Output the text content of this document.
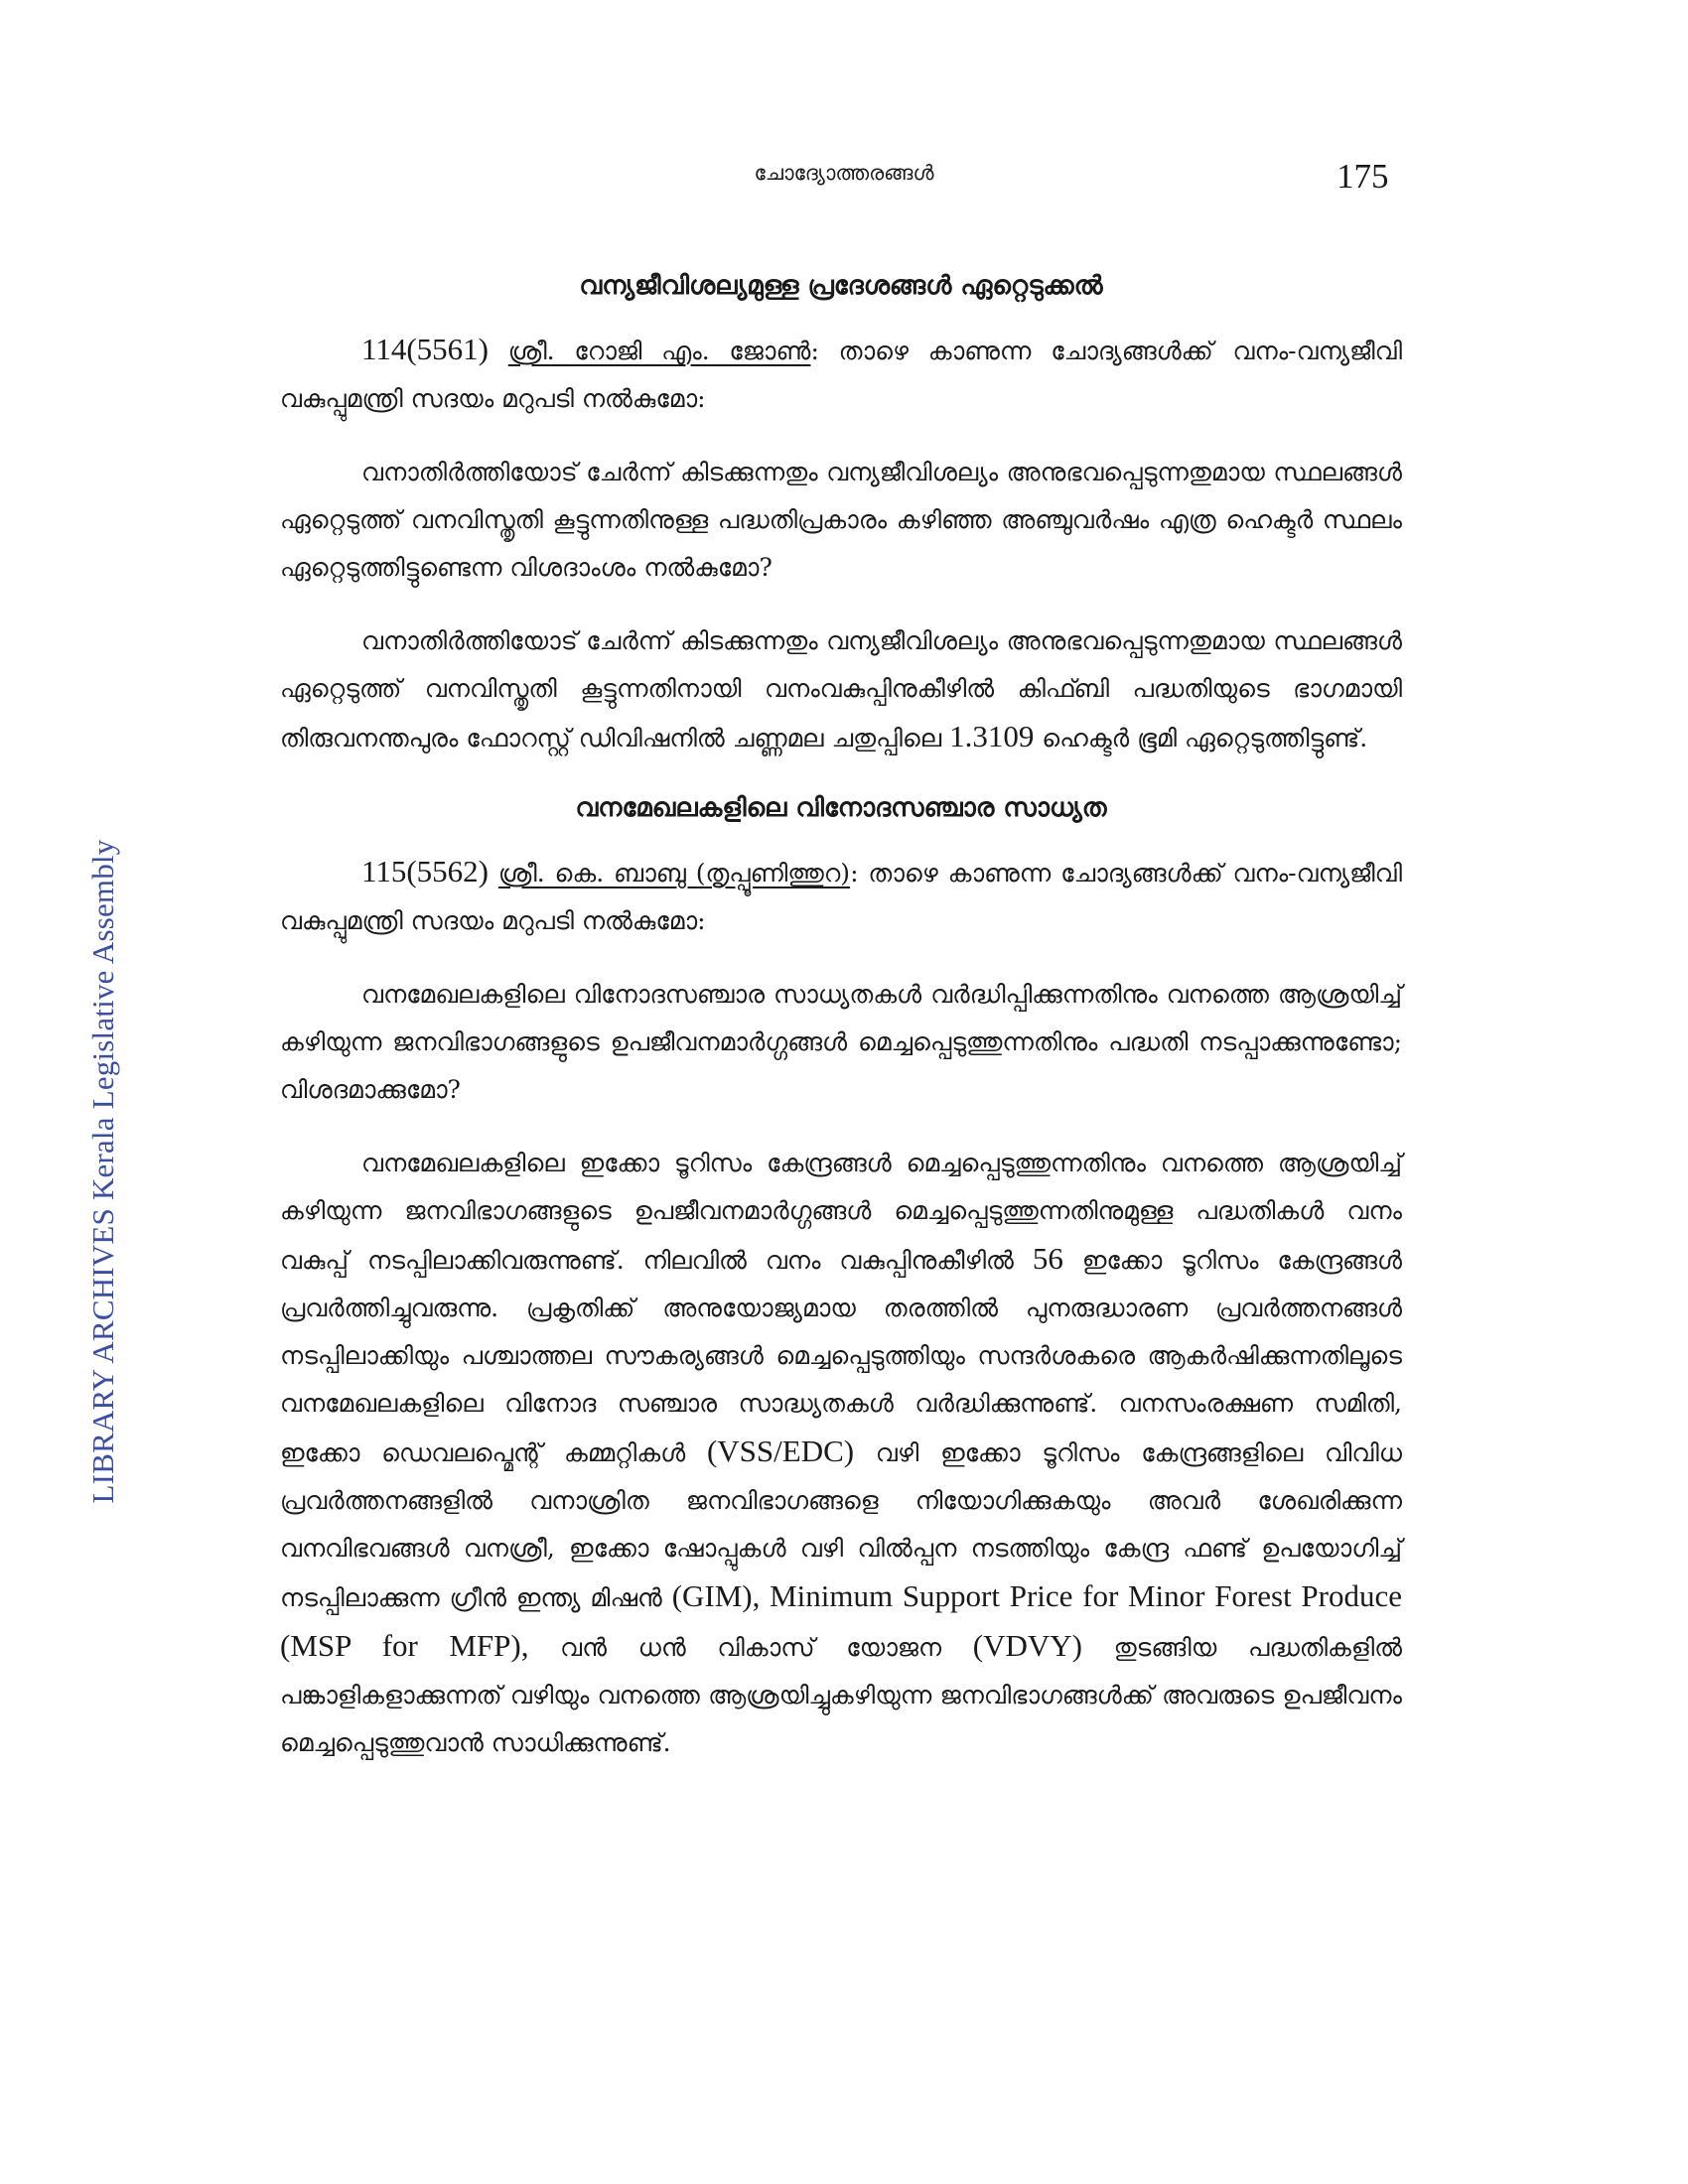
LIBRARY ARCHIVES Kerala Legislative Assembly
ചോദ്യോത്തരങ്ങൾ	175
വന്യജീവിശല്യമുള്ള പ്രദേശങ്ങൾ ഏറ്റെടുക്കൽ

114(5561) ശ്രീ. റോജി എം. ജോൺ: താഴെ കാണുന്ന ചോദ്യങ്ങൾക്ക് വനം-വന്യജീവി വകുപ്പുമന്ത്രി സദയം മറുപടി നൽകുമോ:

വനാതിർത്തിയോട് ചേർന്ന് കിടക്കുന്നതും വന്യജീവിശല്യം അനുഭവപ്പെടുന്നതുമായ സ്ഥലങ്ങൾ ഏറ്റെടുത്ത് വനവിസ്തൃതി കൂട്ടുന്നതിനുള്ള പദ്ധതിപ്രകാരം കഴിഞ്ഞ അഞ്ചുവർഷം എത്ര ഹെക്ടർ സ്ഥലം ഏറ്റെടുത്തിട്ടുണ്ടെന്ന വിശദാംശം നൽകുമോ?

വനാതിർത്തിയോട് ചേർന്ന് കിടക്കുന്നതും വന്യജീവിശല്യം അനുഭവപ്പെടുന്നതുമായ സ്ഥലങ്ങൾ ഏറ്റെടുത്ത് വനവിസ്തൃതി കൂട്ടുന്നതിനായി വനംവകുപ്പിനുകീഴിൽ കിഫ്ബി പദ്ധതിയുടെ ഭാഗമായി തിരുവനന്തപുരം ഫോറസ്റ്റ് ഡിവിഷനിൽ ചണ്ണമല ചതുപ്പിലെ 1.3109 ഹെക്ടർ ഭൂമി ഏറ്റെടുത്തിട്ടുണ്ട്.

വനമേഖലകളിലെ വിനോദസഞ്ചാര സാധ്യത

115(5562) ശ്രീ. കെ. ബാബു (തൃപ്പൂണിത്തുറ): താഴെ കാണുന്ന ചോദ്യങ്ങൾക്ക് വനം-വന്യജീവി വകുപ്പുമന്ത്രി സദയം മറുപടി നൽകുമോ:

വനമേഖലകളിലെ വിനോദസഞ്ചാര സാധ്യതകൾ വർദ്ധിപ്പിക്കുന്നതിനും വനത്തെ ആശ്രയിച്ച് കഴിയുന്ന ജനവിഭാഗങ്ങളുടെ ഉപജീവനമാർഗ്ഗങ്ങൾ മെച്ചപ്പെടുത്തുന്നതിനും പദ്ധതി നടപ്പാക്കുന്നുണ്ടോ; വിശദമാക്കുമോ?

വനമേഖലകളിലെ ഇക്കോ ടൂറിസം കേന്ദ്രങ്ങൾ മെച്ചപ്പെടുത്തുന്നതിനും വനത്തെ ആശ്രയിച്ച് കഴിയുന്ന ജനവിഭാഗങ്ങളുടെ ഉപജീവനമാർഗ്ഗങ്ങൾ മെച്ചപ്പെടുത്തുന്നതിനുമുള്ള പദ്ധതികൾ വനം വകുപ്പ് നടപ്പിലാക്കിവരുന്നുണ്ട്. നിലവിൽ വനം വകുപ്പിനുകീഴിൽ 56 ഇക്കോ ടൂറിസം കേന്ദ്രങ്ങൾ പ്രവർത്തിച്ചുവരുന്നു. പ്രകൃതിക്ക് അനുയോജ്യമായ തരത്തിൽ പുനരുദ്ധാരണ പ്രവർത്തനങ്ങൾ നടപ്പിലാക്കിയും പശ്ചാത്തല സൗകര്യങ്ങൾ മെച്ചപ്പെടുത്തിയും സന്ദർശകരെ ആകർഷിക്കുന്നതിലൂടെ വനമേഖലകളിലെ വിനോദ സഞ്ചാര സാദ്ധ്യതകൾ വർദ്ധിക്കുന്നുണ്ട്. വനസംരക്ഷണ സമിതി, ഇക്കോ ഡെവലപ്മെന്റ് കമ്മറ്റികൾ (VSS/EDC) വഴി ഇക്കോ ടൂറിസം കേന്ദ്രങ്ങളിലെ വിവിധ പ്രവർത്തനങ്ങളിൽ വനാശ്രിത ജനവിഭാഗങ്ങളെ നിയോഗിക്കുകയും അവർ ശേഖരിക്കുന്ന വനവിഭവങ്ങൾ വനശ്രീ, ഇക്കോ ഷോപ്പുകൾ വഴി വിൽപ്പന നടത്തിയും കേന്ദ്ര ഫണ്ട് ഉപയോഗിച്ച് നടപ്പിലാക്കുന്ന ഗ്രീൻ ഇന്ത്യ മിഷൻ (GIM), Minimum Support Price for Minor Forest Produce (MSP for MFP), വൻ ധൻ വികാസ് യോജന (VDVY) തുടങ്ങിയ പദ്ധതികളിൽ പങ്കാളികളാക്കുന്നത് വഴിയും വനത്തെ ആശ്രയിച്ചുകഴിയുന്ന ജനവിഭാഗങ്ങൾക്ക് അവരുടെ ഉപജീവനം മെച്ചപ്പെടുത്തുവാൻ സാധിക്കുന്നുണ്ട്.
